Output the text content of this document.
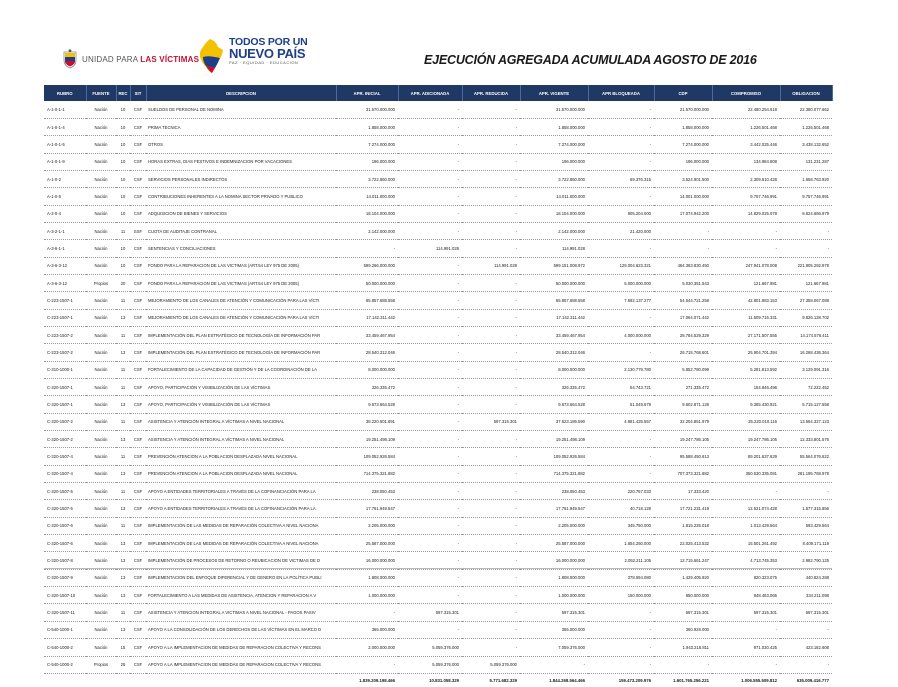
UNIDAD PARA LAS VÍCTIMAS
TODOS POR UN
NUEVO PAÍS
PAZ · EQUIDAD · EDUCACIÓN	EJECUCIÓN AGREGADA ACUMULADA AGOSTO DE 2016
RUBRO	FUENTE	REC	SIT	DESCRIPCION	APR. INICIAL	APR. ADICIONADA	APR. REDUCIDA	APR. VIGENTE	APR BLOQUEADA	CDP	COMPROMISO	OBLIGACION
A-1-0-1-1	Nación	10	CSF	SUELDOS DE PERSONAL DE NOMINA	31.570.000.000	-	-	31.570.000.000	-	21.570.000.000	22.480.254.618	22.380.077.662
A-1-0-1-4	Nación	10	CSF	PRIMA TECNICA	1.858.000.000	-	-	1.858.000.000	-	1.858.000.000	1.226.501.468	1.226.501.468
A-1-0-1-5	Nación	10	CSF	OTROS	7.274.000.000	-	-	7.274.000.000	-	7.274.000.000	3.442.025.446	3.438.132.652
A-1-0-1-9	Nación	10	CSF	HORAS EXTRAS, DIAS FESTIVOS E INDEMNIZACION POR VACACIONES	196.000.000	-	-	196.000.000	-	196.000.000	134.984.808	131.231.287
A-1-0-2	Nación	10	CSF	SERVICIOS PERSONALES INDIRECTOS	3.722.860.000	-	-	3.722.860.000	69.376.315	3.524.901.500	2.309.610.428	1.658.763.920
A-1-0-5	Nación	10	CSF	CONTRIBUCIONES INHERENTES A LA NOMINA SECTOR PRIVADO Y PUBLICO	14.011.000.000	-	-	14.011.000.000	-	14.001.000.000	9.757.746.991	9.757.746.991
A-2-0-4	Nación	10	CSF	ADQUISICION DE BIENES Y SERVICIOS	18.104.000.000	-	-	18.104.000.000	905.204.000	17.074.942.200	14.829.025.078	8.624.666.979
A-3-2-1-1	Nación	11	SSF	CUOTA DE AUDITAJE CONTRANAL	2.142.000.000	-	-	2.142.000.000	21.420.000	-	-	-
A-3-6-1-1	Nación	10	CSF	SENTENCIAS Y CONCILIACIONES	-	114.991.028	-	114.991.028	-	-	-	-
A-3-6-3-12	Nación	10	CSF	FONDO PARA LA REPARACION DE LAS VICTIMAS (ART.54 LEY 975 DE 2005)	599.266.000.000	-	114.991.028	599.151.008.972	129.004.623.321	464.363.830.450	247.941.078.008	221.805.292.978
A-3-6-3-12	Propios	20	CSF	FONDO PARA LA REPARACION DE LAS VICTIMAS (ART.54 LEY 975 DE 2005)	50.000.000.000	-	-	50.000.000.000	5.000.000.000	5.030.351.543	121.667.981	121.667.981
C-223-1507-1	Nación	11	CSF	MEJORAMIENTO DE LOS CANALES DE ATENCIÓN Y COMUNICACIÓN PARA LAS VÍCTI	65.857.688.558	-	-	65.857.688.558	7.692.137.277	54.544.721.258	42.801.883.153	27.358.067.088
C-223-1507-1	Nación	13	CSF	MEJORAMIENTO DE LOS CANALES DE ATENCIÓN Y COMUNICACIÓN PARA LAS VÍCTI	17.142.311.442	-	-	17.142.311.442	-	17.064.071.442	11.509.716.331	9.826.128.702
C-223-1507-2	Nación	11	CSF	IMPLEMENTACIÓN DEL PLAN ESTRATÉGICO DE TECNOLOGÍA DE INFORMACIÓN PAR	33.459.467.954	-	-	33.459.467.954	4.000.000.000	28.784.529.329	27.171.507.555	14.174.576.411
C-223-1507-2	Nación	13	CSF	IMPLEMENTACIÓN DEL PLAN ESTRATÉGICO DE TECNOLOGÍA DE INFORMACIÓN PAR	28.540.312.046	-	-	28.540.312.046	-	26.715.768.601	25.904.701.394	16.268.436.364
C-310-1000-1	Nación	11	CSF	FORTALECIMIENTO DE LA CAPACIDAD DE GESTIÓN Y DE LA COORDINACIÓN DE LA	8.000.000.000	-	-	8.000.000.000	2.130.779.780	5.852.780.099	5.281.813.592	3.129.091.316
C-320-1507-1	Nación	11	CSF	APOYO, PARTICIPACIÓN Y VISIBILIZACIÓN DE LAS VÍCTIMAS	326.335.472	-	-	326.335.472	54.743.721	271.335.472	154.846.496	72.222.452
C-320-1507-1	Nación	13	CSF	APOYO, PARTICIPACIÓN Y VISIBILIZACIÓN DE LAS VÍCTIMAS	9.673.664.528	-	-	9.673.664.528	51.049.679	9.602.871.128	9.365.430.921	5.715.127.558
C-320-1507-2	Nación	11	CSF	ASISTENCIA Y ATENCIÓN INTEGRAL A VÍCTIMAS A NIVEL NACIONAL	38.220.501.891	-	597.315.301	37.623.186.590	4.881.425.557	32.204.851.979	25.220.010.116	13.564.327.123
C-320-1507-2	Nación	13	CSF	ASISTENCIA Y ATENCIÓN INTEGRAL A VÍCTIMAS A NIVEL NACIONAL	19.251.498.109	-	-	19.251.498.109	-	19.247.786.105	19.247.786.105	12.333.801.576
C-320-1507-4	Nación	11	CSF	PREVENCIÓN ATENCION A LA POBLACION DESPLAZADA NIVEL NACIONAL	109.052.926.584	-	-	109.052.926.584	-	95.588.450.613	89.201.637.629	55.564.076.622
C-320-1507-4	Nación	13	CSF	PREVENCIÓN ATENCION A LA POBLACION DESPLAZADA NIVEL NACIONAL	714.375.321.882	-	-	714.375.321.882	-	707.373.321.882	350.530.335.081	281.195.768.978
C-320-1507-5	Nación	11	CSF	APOYO A ENTIDADES TERRITORIALES A TRAVÉS DE LA COFINANCIACIÓN PARA LA	238.050.453	-	-	238.050.453	220.757.033	17.333.420	-	-
C-320-1507-5	Nación	13	CSF	APOYO A ENTIDADES TERRITORIALES A TRAVÉS DE LA COFINANCIACIÓN PARA LA	17.761.949.547	-	-	17.761.949.547	40.718.128	17.721.231.419	12.521.074.428	1.577.315.856
C-320-1507-6	Nación	11	CSF	IMPLEMENTACIÓN DE LAS MEDIDAS DE REPARACIÓN COLECTIVA A NIVEL NACIONA	2.205.000.000	-	-	2.205.000.000	345.750.000	1.815.225.018	1.013.429.564	593.429.564
C-320-1507-6	Nación	13	CSF	IMPLEMENTACIÓN DE LAS MEDIDAS DE REPARACIÓN COLECTIVA A NIVEL NACIONA	25.587.000.000	-	-	25.587.000.000	1.654.250.000	22.025.413.532	15.501.261.492	8.409.171.119
C-320-1507-8	Nación	13	CSF	IMPLEMENTACIÓN DE PROCESOS DE RETORNO O REUBICACION DE VICTIMAS DE D	16.000.000.000	-	-	16.000.000.000	2.052.211.105	12.715.661.247	4.713.745.353	2.982.790.125
C-320-1507-9	Nación	13	CSF	IMPLEMENTACION DEL ENFOQUE DIFERENCIAL Y DE GENERO EN LA POLÍTICA PUBLI	1.808.000.000	-	-	1.808.000.000	378.594.080	1.429.405.920	820.323.075	440.824.288
C-320-1507-10	Nación	13	CSF	FORTALECIMIENTO A LAS MEDIDAS DE ASISTENCIA, ATENCION Y REPARACION A V	1.000.000.000	-	-	1.000.000.000	150.000.000	850.000.000	848.463.065	334.211.098
C-320-1507-11	Nación	11	CSF	ASISTENCIA Y ATENCION INTEGRAL A VICTIMAS A NIVEL NACIONAL - PAGOS PASIV	-	597.315.301	-	597.315.301	-	597.315.301	597.315.301	597.315.301
C-540-1000-1	Nación	13	CSF	APOYO A LA CONSOLIDACIÓN DE LOS DERECHOS DE LAS VÍCTIMAS EN EL MARCO D	365.000.000	-	-	365.000.000	-	360.928.000	-	-
C-540-1000-2	Nación	15	CSF	APOYO A LA IMPLEMENTACION DE MEDIDAS DE REPARACION COLECTIVA Y RECONS	2.000.000.000	5.059.376.000	-	7.059.376.000	-	1.943.218.811	971.030.425	423.182.608
C-540-1000-2	Propios	25	CSF	APOYO A LA IMPLEMENTACION DE MEDIDAS DE REPARACION COLECTIVA Y RECONS	-	5.059.376.000	5.059.376.000	-	-	-	-	-
					1.839.209.198.466	10.831.058.329	5.771.682.329	1.844.268.564.466	159.473.209.976	1.601.765.256.221	1.006.555.509.812	635.009.416.777
